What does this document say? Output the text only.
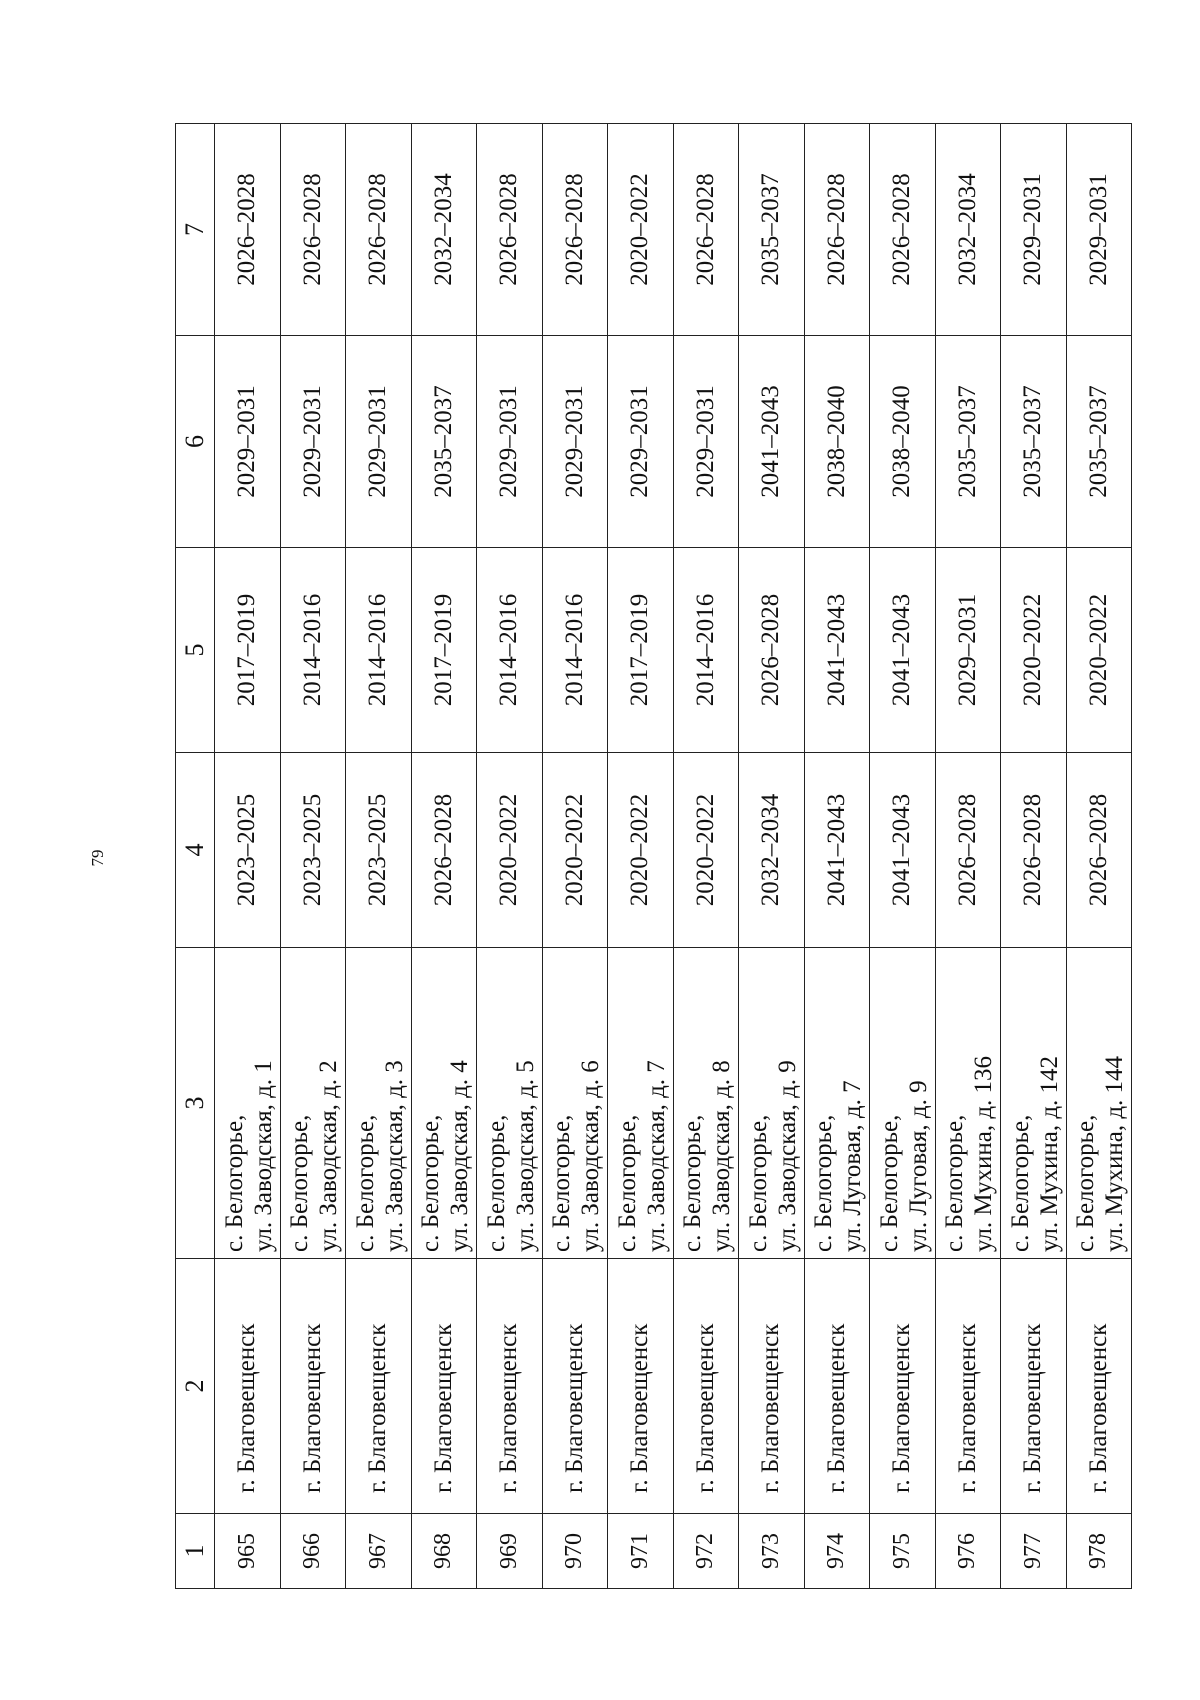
79
1	2	3	4	5	6	7
965	г. Благовещенск	с. Белогорье, ул. Заводская, д. 1	2023–2025	2017–2019	2029–2031	2026–2028
966	г. Благовещенск	с. Белогорье, ул. Заводская, д. 2	2023–2025	2014–2016	2029–2031	2026–2028
967	г. Благовещенск	с. Белогорье, ул. Заводская, д. 3	2023–2025	2014–2016	2029–2031	2026–2028
968	г. Благовещенск	с. Белогорье, ул. Заводская, д. 4	2026–2028	2017–2019	2035–2037	2032–2034
969	г. Благовещенск	с. Белогорье, ул. Заводская, д. 5	2020–2022	2014–2016	2029–2031	2026–2028
970	г. Благовещенск	с. Белогорье, ул. Заводская, д. 6	2020–2022	2014–2016	2029–2031	2026–2028
971	г. Благовещенск	с. Белогорье, ул. Заводская, д. 7	2020–2022	2017–2019	2029–2031	2020–2022
972	г. Благовещенск	с. Белогорье, ул. Заводская, д. 8	2020–2022	2014–2016	2029–2031	2026–2028
973	г. Благовещенск	с. Белогорье, ул. Заводская, д. 9	2032–2034	2026–2028	2041–2043	2035–2037
974	г. Благовещенск	с. Белогорье, ул. Луговая, д. 7	2041–2043	2041–2043	2038–2040	2026–2028
975	г. Благовещенск	с. Белогорье, ул. Луговая, д. 9	2041–2043	2041–2043	2038–2040	2026–2028
976	г. Благовещенск	с. Белогорье, ул. Мухина, д. 136	2026–2028	2029–2031	2035–2037	2032–2034
977	г. Благовещенск	с. Белогорье, ул. Мухина, д. 142	2026–2028	2020–2022	2035–2037	2029–2031
978	г. Благовещенск	с. Белогорье, ул. Мухина, д. 144	2026–2028	2020–2022	2035–2037	2029–2031
